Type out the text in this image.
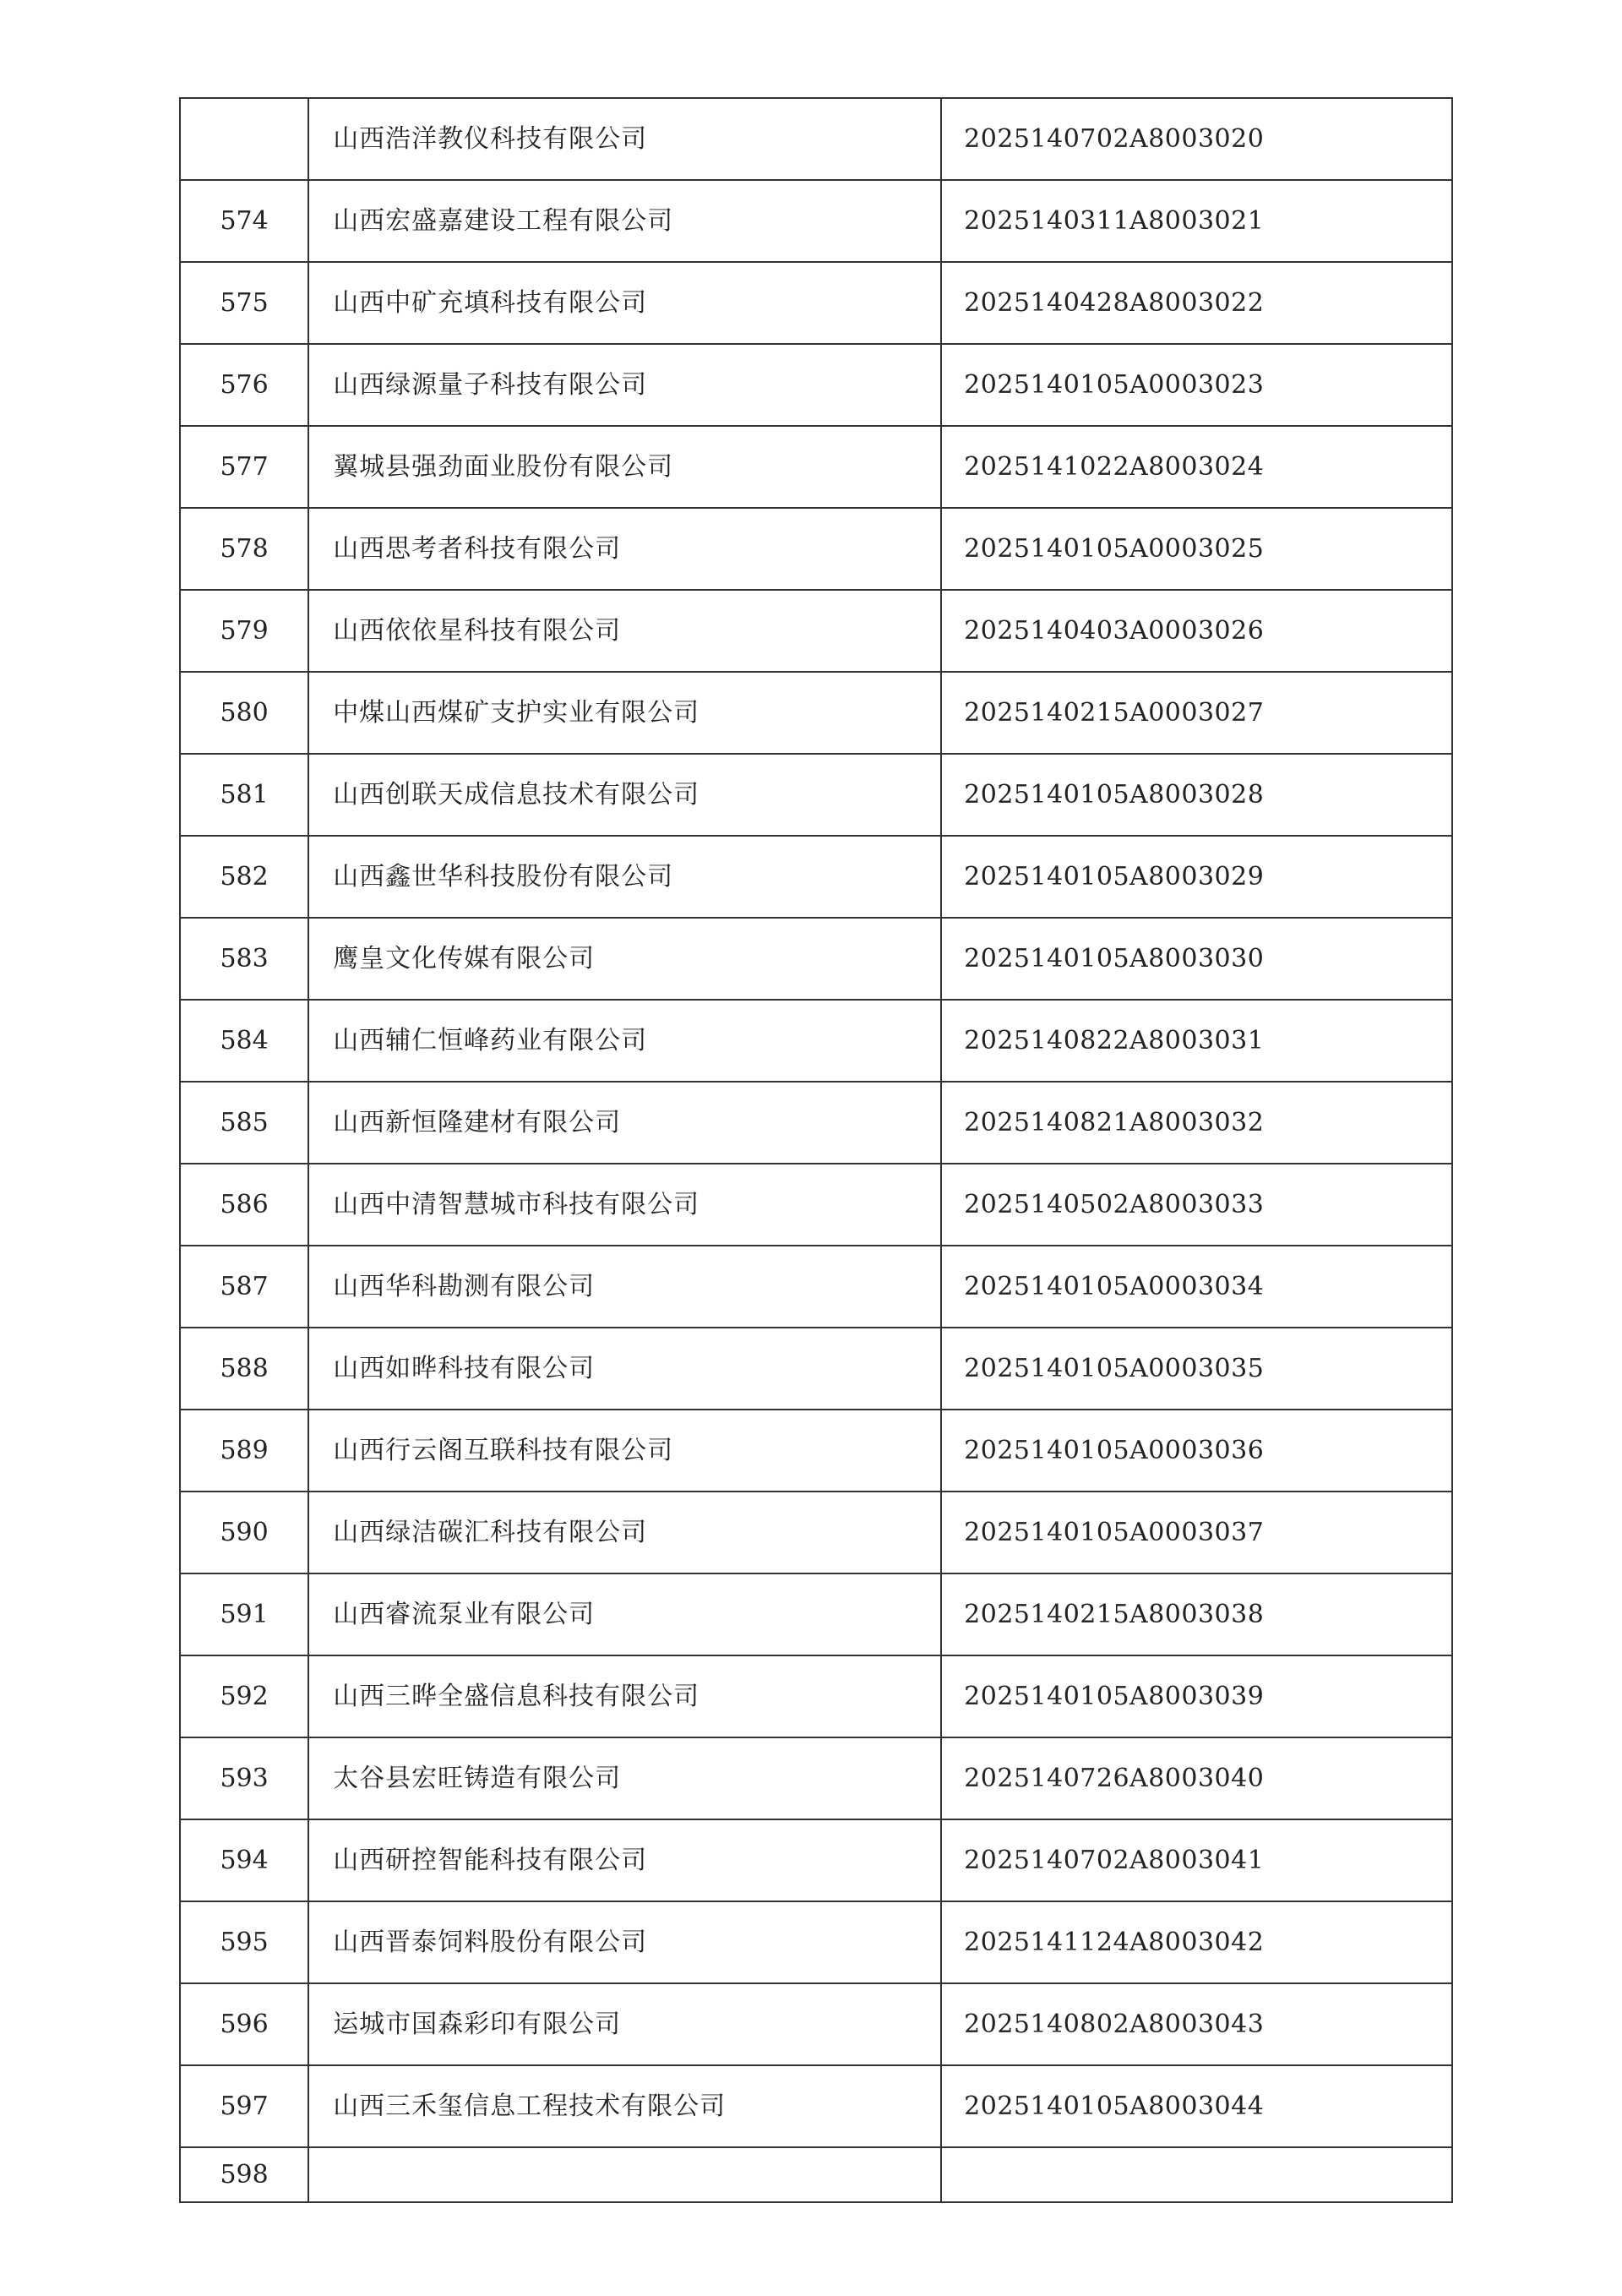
	山西浩洋教仪科技有限公司	2025140702A8003020
574	山西宏盛嘉建设工程有限公司	2025140311A8003021
575	山西中矿充填科技有限公司	2025140428A8003022
576	山西绿源量子科技有限公司	2025140105A0003023
577	翼城县强劲面业股份有限公司	2025141022A8003024
578	山西思考者科技有限公司	2025140105A0003025
579	山西依依星科技有限公司	2025140403A0003026
580	中煤山西煤矿支护实业有限公司	2025140215A0003027
581	山西创联天成信息技术有限公司	2025140105A8003028
582	山西鑫世华科技股份有限公司	2025140105A8003029
583	鹰皇文化传媒有限公司	2025140105A8003030
584	山西辅仁恒峰药业有限公司	2025140822A8003031
585	山西新恒隆建材有限公司	2025140821A8003032
586	山西中清智慧城市科技有限公司	2025140502A8003033
587	山西华科勘测有限公司	2025140105A0003034
588	山西如晔科技有限公司	2025140105A0003035
589	山西行云阁互联科技有限公司	2025140105A0003036
590	山西绿洁碳汇科技有限公司	2025140105A0003037
591	山西睿流泵业有限公司	2025140215A8003038
592	山西三晔全盛信息科技有限公司	2025140105A8003039
593	太谷县宏旺铸造有限公司	2025140726A8003040
594	山西研控智能科技有限公司	2025140702A8003041
595	山西晋泰饲料股份有限公司	2025141124A8003042
596	运城市国森彩印有限公司	2025140802A8003043
597	山西三禾玺信息工程技术有限公司	2025140105A8003044
598		
